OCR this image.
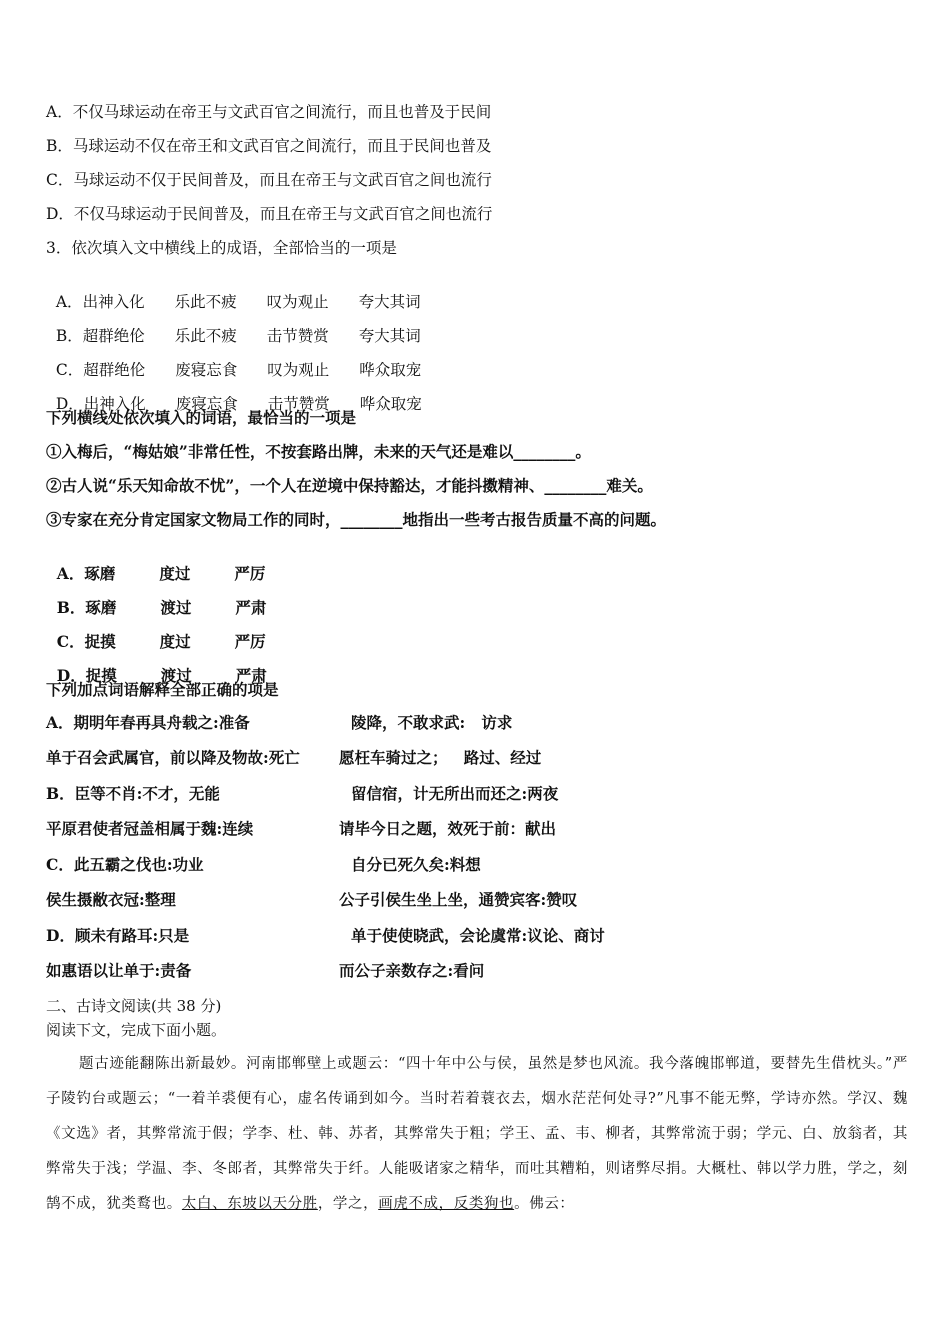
A．不仅马球运动在帝王与文武百官之间流行，而且也普及于民间
B．马球运动不仅在帝王和文武百官之间流行，而且于民间也普及
C．马球运动不仅于民间普及，而且在帝王与文武百官之间也流行
D．不仅马球运动于民间普及，而且在帝王与文武百官之间也流行
3．依次填入文中横线上的成语，全部恰当的一项是

A．出神入化 乐此不疲 叹为观止 夸大其词

B．超群绝伦 乐此不疲 击节赞赏 夸大其词

C．超群绝伦 废寝忘食 叹为观止 哗众取宠

D．出神入化 废寝忘食 击节赞赏 哗众取宠

下列横线处依次填入的词语，最恰当的一项是
①入梅后，“梅姑娘”非常任性，不按套路出牌，未来的天气还是难以________。
②古人说“乐天知命故不忧”，一个人在逆境中保持豁达，才能抖擞精神、________难关。
③专家在充分肯定国家文物局工作的同时，________地指出一些考古报告质量不高的问题。

A．琢磨	度过	严厉

B．琢磨	渡过	严肃

C．捉摸	度过	严厉

D．捉摸	渡过	严肃

下列加点词语解释全部正确的项是
A．期明年春再具舟载之:准备	陵降，不敢求武:   访求
单于召会武属官，前以降及物故:死亡	愿枉车骑过之；   路过、经过
B．臣等不肖:不才，无能	留信宿，计无所出而还之:两夜
平原君使者冠盖相属于魏:连续	请毕今日之题，效死于前：献出
C．此五霸之伐也:功业	自分已死久矣:料想
侯生摄敝衣冠:整理	公子引侯生坐上坐，通赞宾客:赞叹
D．顾未有路耳:只是	单于使使晓武，会论虞常:议论、商讨
如惠语以让单于:责备	而公子亲数存之:看问
二、古诗文阅读(共 38 分)
阅读下文，完成下面小题。
题古迹能翻陈出新最妙。河南邯郸壁上或题云：“四十年中公与侯，虽然是梦也风流。我今落魄邯郸道，要替先生借枕头。”严子陵钓台或题云；“一着羊裘便有心，虚名传诵到如今。当时若着蓑衣去，烟水茫茫何处寻?”凡事不能无弊，学诗亦然。学汉、魏《文选》者，其弊常流于假；学李、杜、韩、苏者，其弊常失于粗；学王、孟、韦、柳者，其弊常流于弱；学元、白、放翁者，其弊常失于浅；学温、李、冬郎者，其弊常失于纤。人能吸诸家之精华，而吐其糟粕，则诸弊尽捐。大概杜、韩以学力胜，学之，刻鹄不成，犹类鹜也。太白、东坡以天分胜，学之，画虎不成，反类狗也。佛云：
